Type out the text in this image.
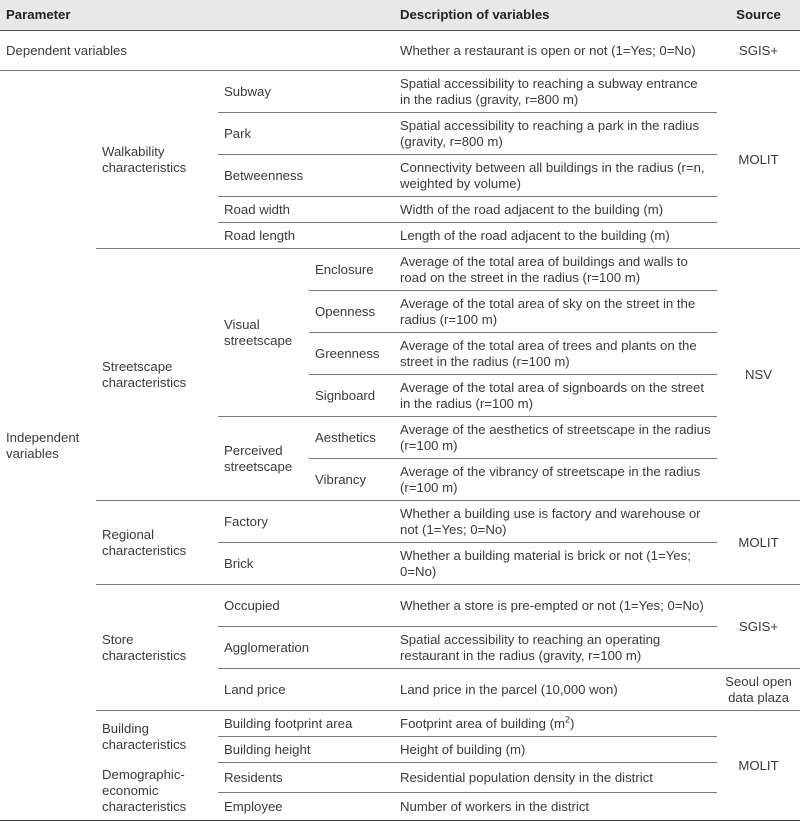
Parameter				Description of variables	Source
Dependent variables				Whether a restaurant is open or not (1=Yes; 0=No)	SGIS+
Independent variables	Walkability characteristics	Subway		Spatial accessibility to reaching a subway entrance in the radius (gravity, r=800 m)	MOLIT
		Park		Spatial accessibility to reaching a park in the radius (gravity, r=800 m)	
		Betweenness		Connectivity between all buildings in the radius (r=n, weighted by volume)	
		Road width		Width of the road adjacent to the building (m)	
		Road length		Length of the road adjacent to the building (m)	
	Streetscape characteristics	Visual streetscape	Enclosure	Average of the total area of buildings and walls to road on the street in the radius (r=100 m)	NSV
			Openness	Average of the total area of sky on the street in the radius (r=100 m)	
			Greenness	Average of the total area of trees and plants on the street in the radius (r=100 m)	
			Signboard	Average of the total area of signboards on the street in the radius (r=100 m)	
		Perceived streetscape	Aesthetics	Average of the aesthetics of streetscape in the radius (r=100 m)	
			Vibrancy	Average of the vibrancy of streetscape in the radius (r=100 m)	
	Regional characteristics	Factory		Whether a building use is factory and warehouse or not (1=Yes; 0=No)	MOLIT
		Brick		Whether a building material is brick or not (1=Yes; 0=No)	
	Store characteristics	Occupied		Whether a store is pre-empted or not (1=Yes; 0=No)	SGIS+
		Agglomeration		Spatial accessibility to reaching an operating restaurant in the radius (gravity, r=100 m)	
		Land price		Land price in the parcel (10,000 won)	Seoul open data plaza
	Building characteristics	Building footprint area		Footprint area of building $(m^2)$	MOLIT
		Building height		Height of building (m)	
	Demographic-economic characteristics	Residents		Residential population density in the district	
		Employee		Number of workers in the district	
